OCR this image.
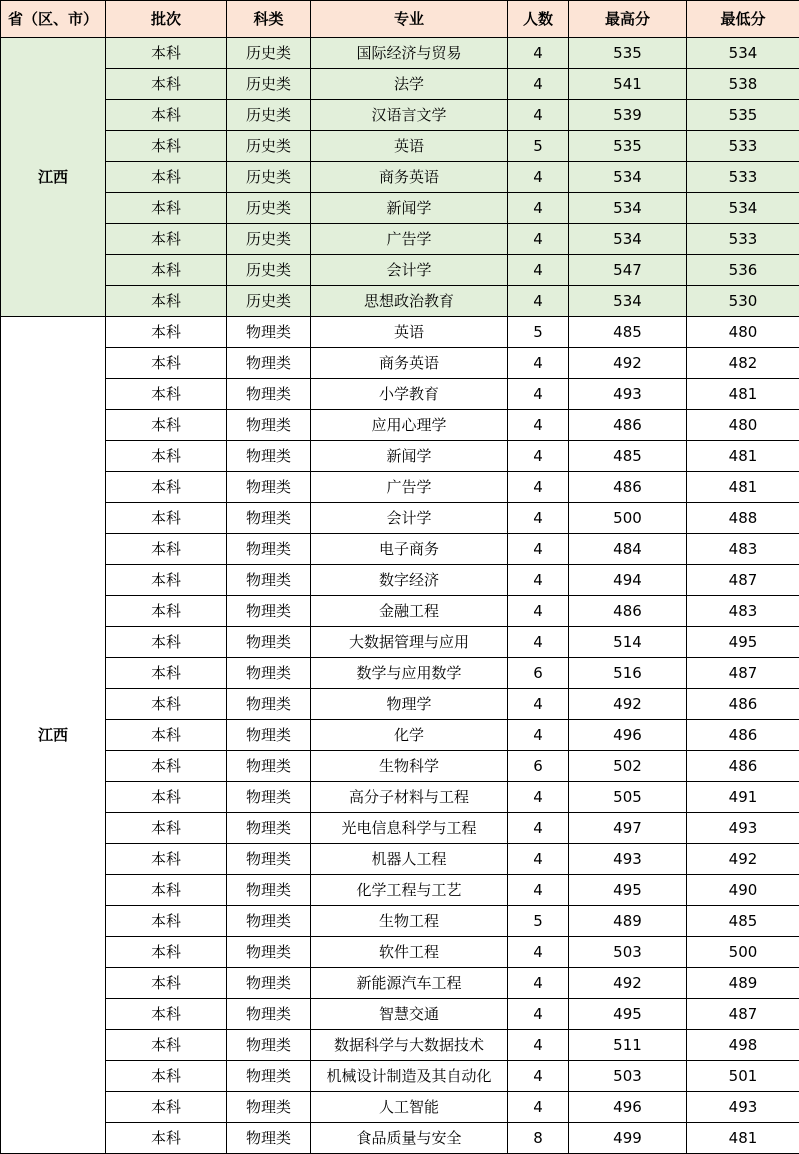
省（区、市）	批次	科类	专业	人数	最高分	最低分
江西	本科	历史类	国际经济与贸易	4	535	534
	本科	历史类	法学	4	541	538
	本科	历史类	汉语言文学	4	539	535
	本科	历史类	英语	5	535	533
	本科	历史类	商务英语	4	534	533
	本科	历史类	新闻学	4	534	534
	本科	历史类	广告学	4	534	533
	本科	历史类	会计学	4	547	536
	本科	历史类	思想政治教育	4	534	530
江西	本科	物理类	英语	5	485	480
	本科	物理类	商务英语	4	492	482
	本科	物理类	小学教育	4	493	481
	本科	物理类	应用心理学	4	486	480
	本科	物理类	新闻学	4	485	481
	本科	物理类	广告学	4	486	481
	本科	物理类	会计学	4	500	488
	本科	物理类	电子商务	4	484	483
	本科	物理类	数字经济	4	494	487
	本科	物理类	金融工程	4	486	483
	本科	物理类	大数据管理与应用	4	514	495
	本科	物理类	数学与应用数学	6	516	487
	本科	物理类	物理学	4	492	486
	本科	物理类	化学	4	496	486
	本科	物理类	生物科学	6	502	486
	本科	物理类	高分子材料与工程	4	505	491
	本科	物理类	光电信息科学与工程	4	497	493
	本科	物理类	机器人工程	4	493	492
	本科	物理类	化学工程与工艺	4	495	490
	本科	物理类	生物工程	5	489	485
	本科	物理类	软件工程	4	503	500
	本科	物理类	新能源汽车工程	4	492	489
	本科	物理类	智慧交通	4	495	487
	本科	物理类	数据科学与大数据技术	4	511	498
	本科	物理类	机械设计制造及其自动化	4	503	501
	本科	物理类	人工智能	4	496	493
	本科	物理类	食品质量与安全	8	499	481
